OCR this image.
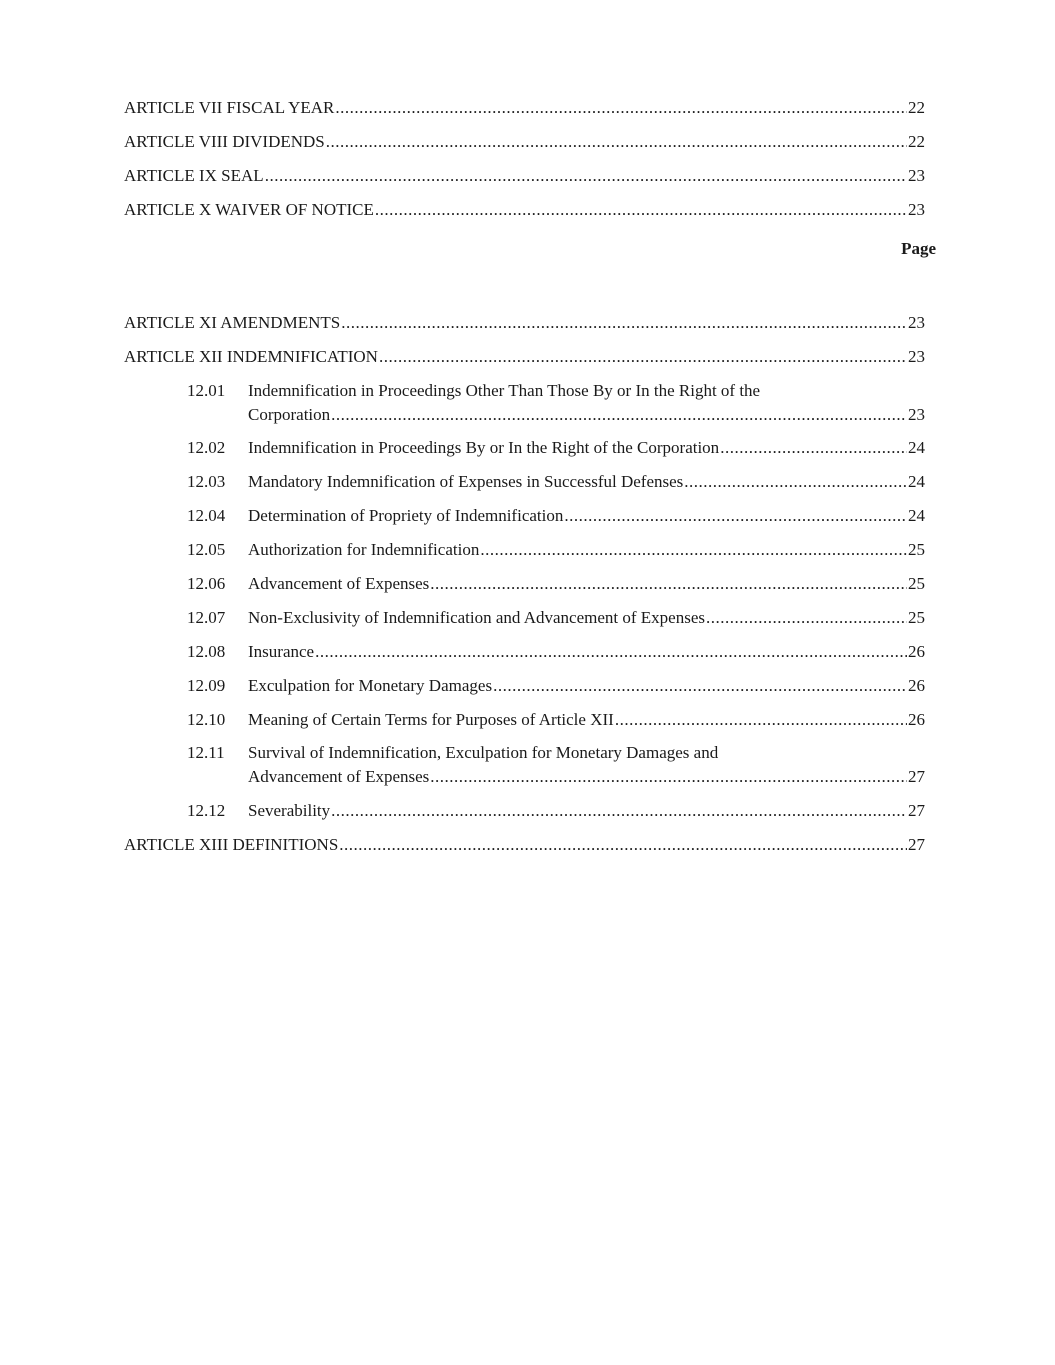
ARTICLE VII FISCAL YEAR .....	22
ARTICLE VIII DIVIDENDS .....	22
ARTICLE IX SEAL .....	23
ARTICLE X WAIVER OF NOTICE .....	23
Page
ARTICLE XI AMENDMENTS .....	23
ARTICLE XII INDEMNIFICATION .....	23
12.01	Indemnification in Proceedings Other Than Those By or In the Right of the
Corporation .....	23
12.02	Indemnification in Proceedings By or In the Right of the Corporation .....	24
12.03	Mandatory Indemnification of Expenses in Successful Defenses .....	24
12.04	Determination of Propriety of Indemnification .....	24
12.05	Authorization for Indemnification .....	25
12.06	Advancement of Expenses .....	25
12.07	Non-Exclusivity of Indemnification and Advancement of Expenses .....	25
12.08	Insurance .....	26
12.09	Exculpation for Monetary Damages .....	26
12.10	Meaning of Certain Terms for Purposes of Article XII .....	26
12.11	Survival of Indemnification, Exculpation for Monetary Damages and
Advancement of Expenses .....	27
12.12	Severability .....	27
ARTICLE XIII DEFINITIONS .....	27
